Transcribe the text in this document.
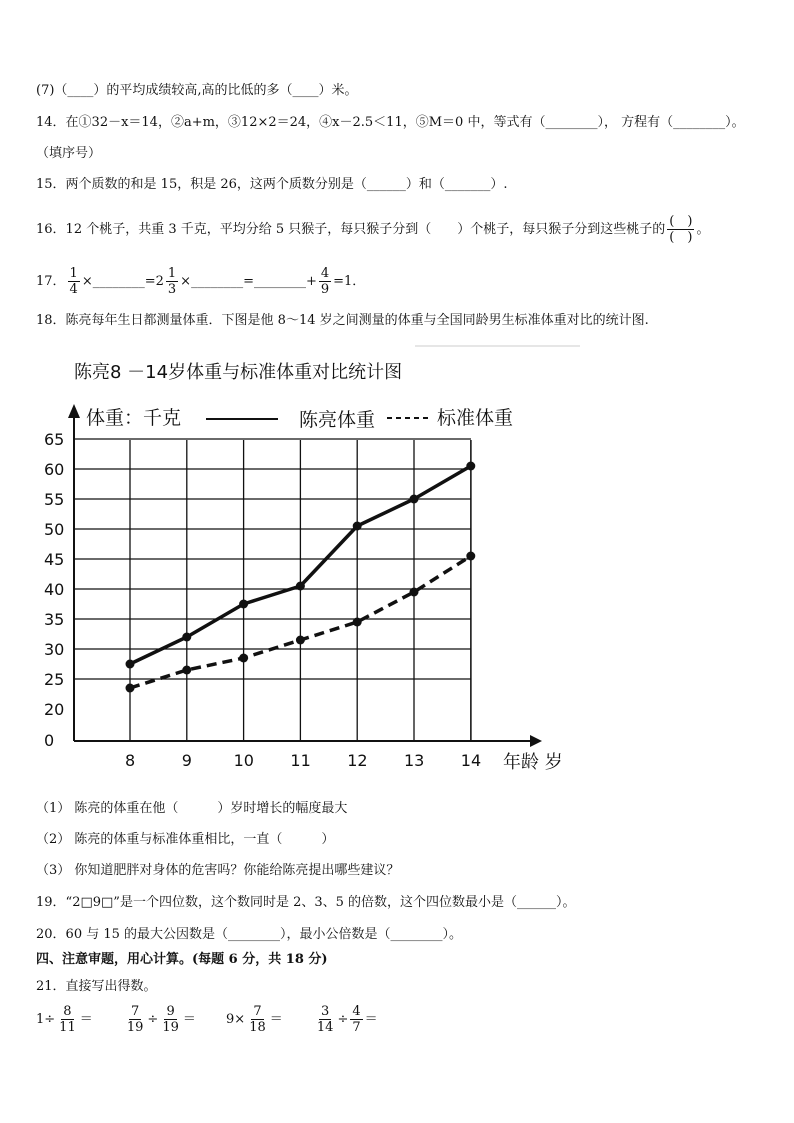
(7)（____）的平均成绩较高,高的比低的多（____）米。
14．在①32－x＝14，②a+m，③12×2＝24，④x－2.5＜11，⑤M＝0 中，等式有（________）， 方程有（________）。
（填序号）
15．两个质数的和是 15，积是 26，这两个质数分别是（______）和（_______）.
16．12 个桃子，共重 3 千克，平均分给 5 只猴子，每只猴子分到（　　）个桃子，每只猴子分到这些桃子的 $\frac{( )}{( )}$ 。
17． $\frac{1}{4}$ ×________=2 $\frac{1}{3}$ ×________=________+ $\frac{4}{9} =1$．
18．陈亮每年生日都测量体重．下图是他 8～14 岁之间测量的体重与全国同龄男生标准体重对比的统计图.
陈亮8 －14岁体重与标准体重对比统计图
0
20
25
30
35
40
45
50
55
60
65
8	9	10 11 12 13 14
体重：千克
年龄 岁
陈亮体重	标准体重
（1） 陈亮的体重在他（　　　）岁时增长的幅度最大
（2） 陈亮的体重与标准体重相比，一直（　　　）
（3） 你知道肥胖对身体的危害吗？你能给陈亮提出哪些建议？
19．“2□9□”是一个四位数，这个数同时是 2、3、5 的倍数，这个四位数最小是（______）。
20．60 与 15 的最大公因数是（________），最小公倍数是（________）。
四、注意审题，用心计算。(每题 6 分，共 18 分)
21．直接写出得数。
$1\div \frac{8}{11} = \frac{7}{19} \div \frac{9}{19} = 9\times \frac{7}{18} = \frac{3}{14} \div \frac{4}{7}$ ＝
